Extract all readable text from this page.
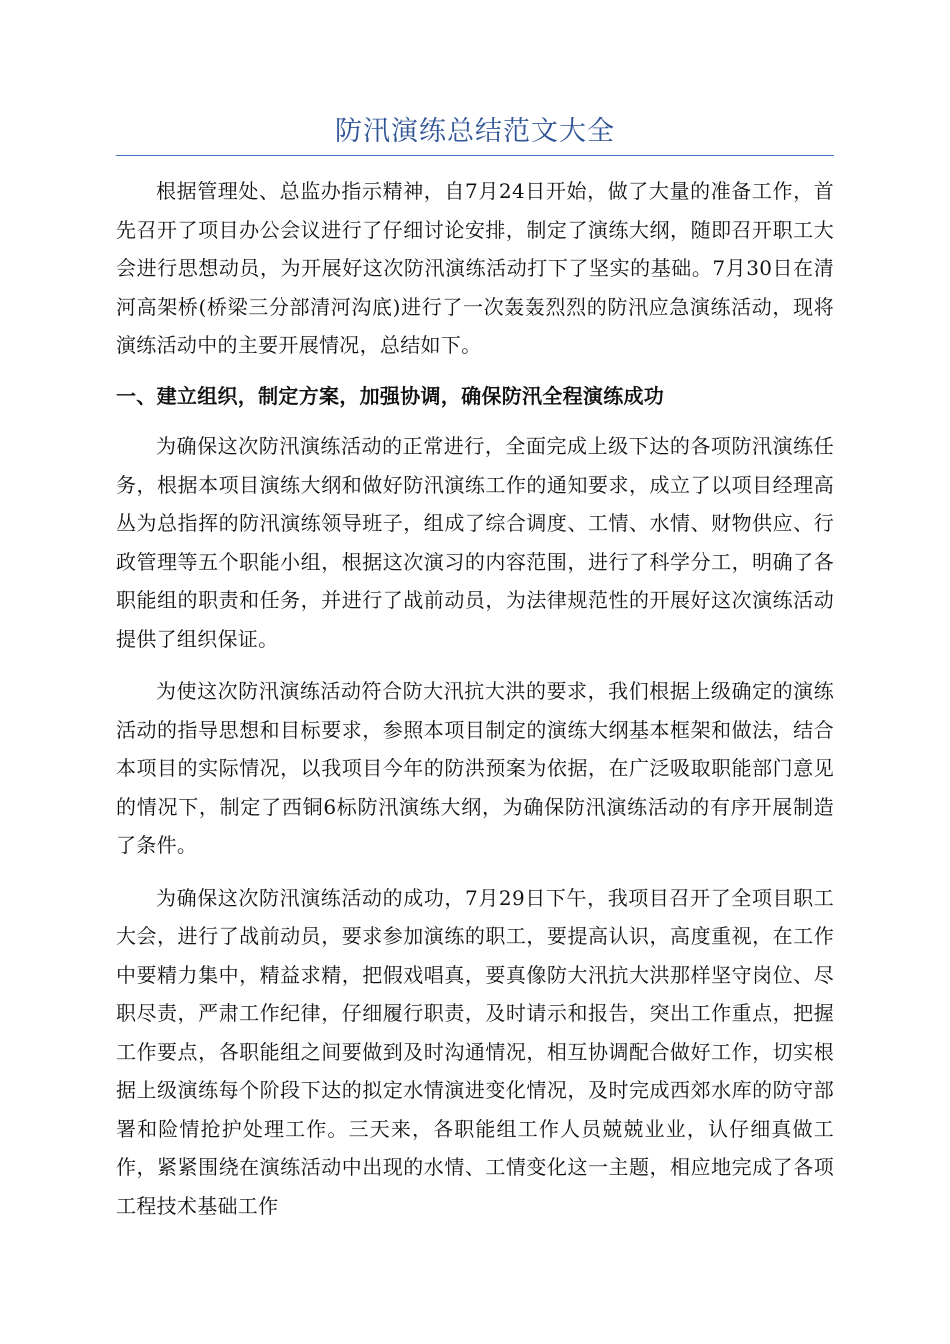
防汛演练总结范文大全

根据管理处、总监办指示精神，自7月24日开始，做了大量的准备工作，首先召开了项目办公会议进行了仔细讨论安排，制定了演练大纲，随即召开职工大会进行思想动员，为开展好这次防汛演练活动打下了坚实的基础。7月30日在清河高架桥(桥梁三分部清河沟底)进行了一次轰轰烈烈的防汛应急演练活动，现将演练活动中的主要开展情况，总结如下。

一、建立组织，制定方案，加强协调，确保防汛全程演练成功

为确保这次防汛演练活动的正常进行，全面完成上级下达的各项防汛演练任务，根据本项目演练大纲和做好防汛演练工作的通知要求，成立了以项目经理高丛为总指挥的防汛演练领导班子，组成了综合调度、工情、水情、财物供应、行政管理等五个职能小组，根据这次演习的内容范围，进行了科学分工，明确了各职能组的职责和任务，并进行了战前动员，为法律规范性的开展好这次演练活动提供了组织保证。

为使这次防汛演练活动符合防大汛抗大洪的要求，我们根据上级确定的演练活动的指导思想和目标要求，参照本项目制定的演练大纲基本框架和做法，结合本项目的实际情况，以我项目今年的防洪预案为依据，在广泛吸取职能部门意见的情况下，制定了西铜6标防汛演练大纲，为确保防汛演练活动的有序开展制造了条件。

为确保这次防汛演练活动的成功，7月29日下午，我项目召开了全项目职工大会，进行了战前动员，要求参加演练的职工，要提高认识，高度重视，在工作中要精力集中，精益求精，把假戏唱真，要真像防大汛抗大洪那样坚守岗位、尽职尽责，严肃工作纪律，仔细履行职责，及时请示和报告，突出工作重点，把握工作要点，各职能组之间要做到及时沟通情况，相互协调配合做好工作，切实根据上级演练每个阶段下达的拟定水情演进变化情况，及时完成西郊水库的防守部署和险情抢护处理工作。三天来，各职能组工作人员兢兢业业，认仔细真做工作，紧紧围绕在演练活动中出现的水情、工情变化这一主题，相应地完成了各项工程技术基础工作
